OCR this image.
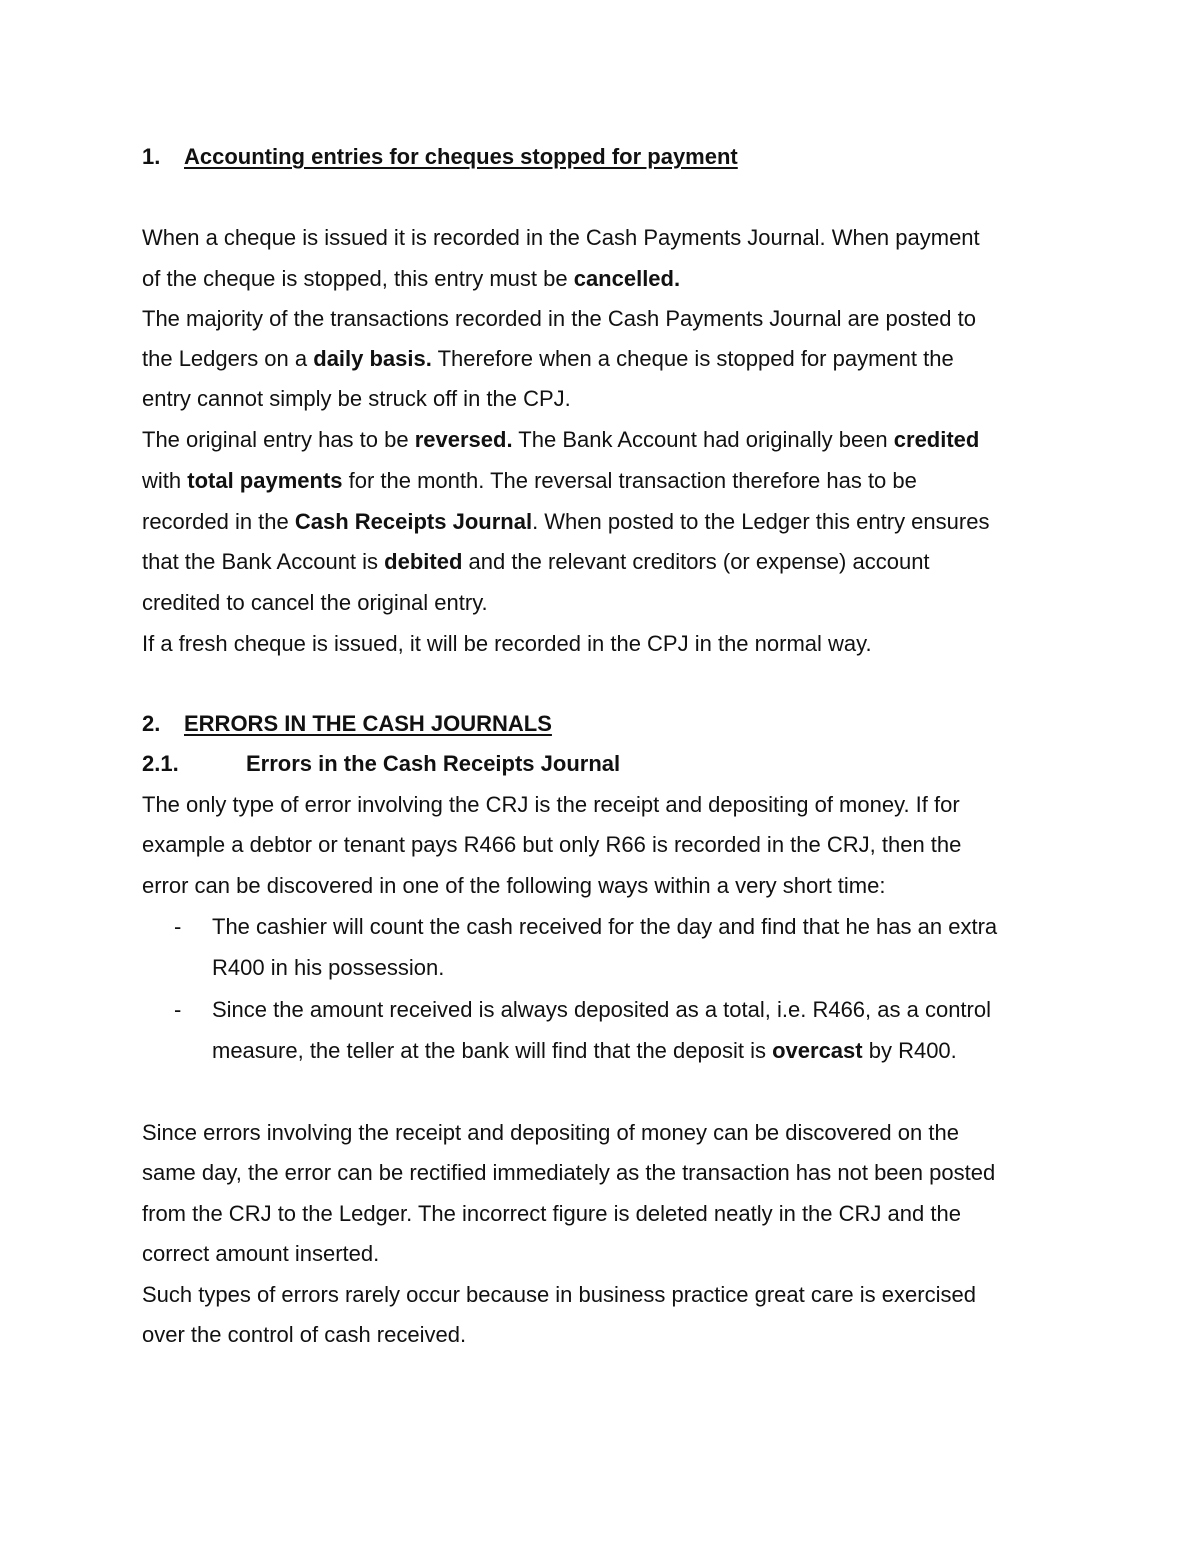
1. Accounting entries for cheques stopped for payment
When a cheque is issued it is recorded in the Cash Payments Journal. When payment
of the cheque is stopped, this entry must be cancelled.
The majority of the transactions recorded in the Cash Payments Journal are posted to
the Ledgers on a daily basis. Therefore when a cheque is stopped for payment the
entry cannot simply be struck off in the CPJ.
The original entry has to be reversed. The Bank Account had originally been credited
with total payments for the month. The reversal transaction therefore has to be
recorded in the Cash Receipts Journal. When posted to the Ledger this entry ensures
that the Bank Account is debited and the relevant creditors (or expense) account
credited to cancel the original entry.
If a fresh cheque is issued, it will be recorded in the CPJ in the normal way.
2. ERRORS IN THE CASH JOURNALS
2.1.	Errors in the Cash Receipts Journal
The only type of error involving the CRJ is the receipt and depositing of money. If for
example a debtor or tenant pays R466 but only R66 is recorded in the CRJ, then the
error can be discovered in one of the following ways within a very short time:
- The cashier will count the cash received for the day and find that he has an extra
R400 in his possession.
- Since the amount received is always deposited as a total, i.e. R466, as a control
measure, the teller at the bank will find that the deposit is overcast by R400.
Since errors involving the receipt and depositing of money can be discovered on the
same day, the error can be rectified immediately as the transaction has not been posted
from the CRJ to the Ledger. The incorrect figure is deleted neatly in the CRJ and the
correct amount inserted.
Such types of errors rarely occur because in business practice great care is exercised
over the control of cash received.
